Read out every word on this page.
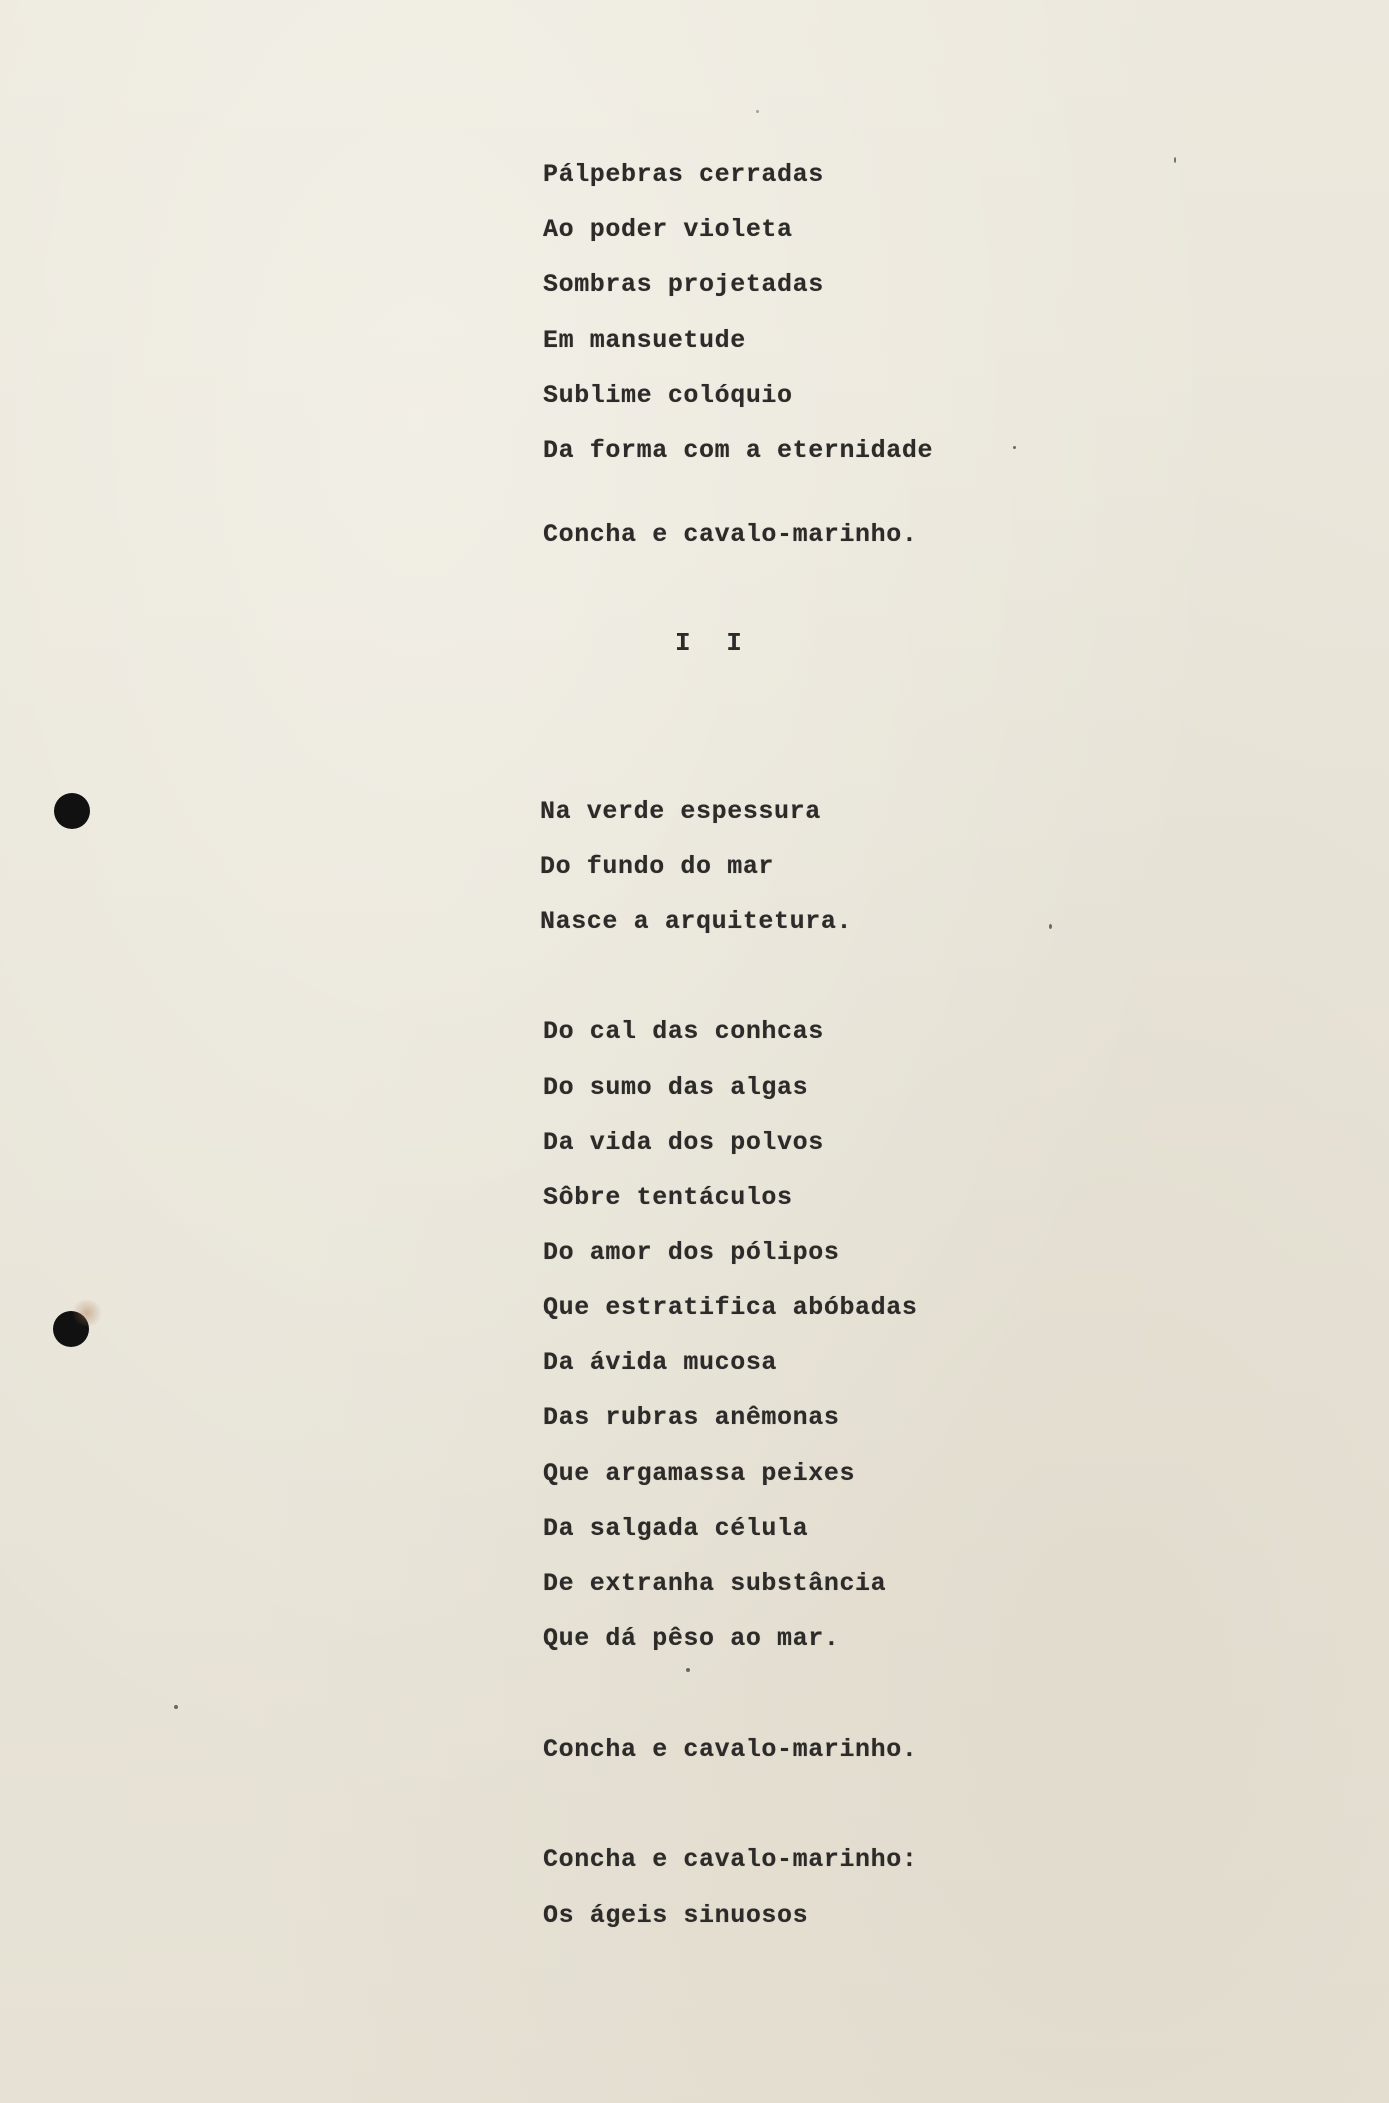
Pálpebras cerradas
Ao poder violeta
Sombras projetadas
Em mansuetude
Sublime colóquio
Da forma com a eternidade
Concha e cavalo-marinho.
Na verde espessura
Do fundo do mar
Nasce a arquitetura.
Do cal das conhcas
Do sumo das algas
Da vida dos polvos
Sôbre tentáculos
Do amor dos pólipos
Que estratifica abóbadas
Da ávida mucosa
Das rubras anêmonas
Que argamassa peixes
Da salgada célula
De extranha substância
Que dá pêso ao mar.
Concha e cavalo-marinho.
Concha e cavalo-marinho:
Os ágeis sinuosos
I I
